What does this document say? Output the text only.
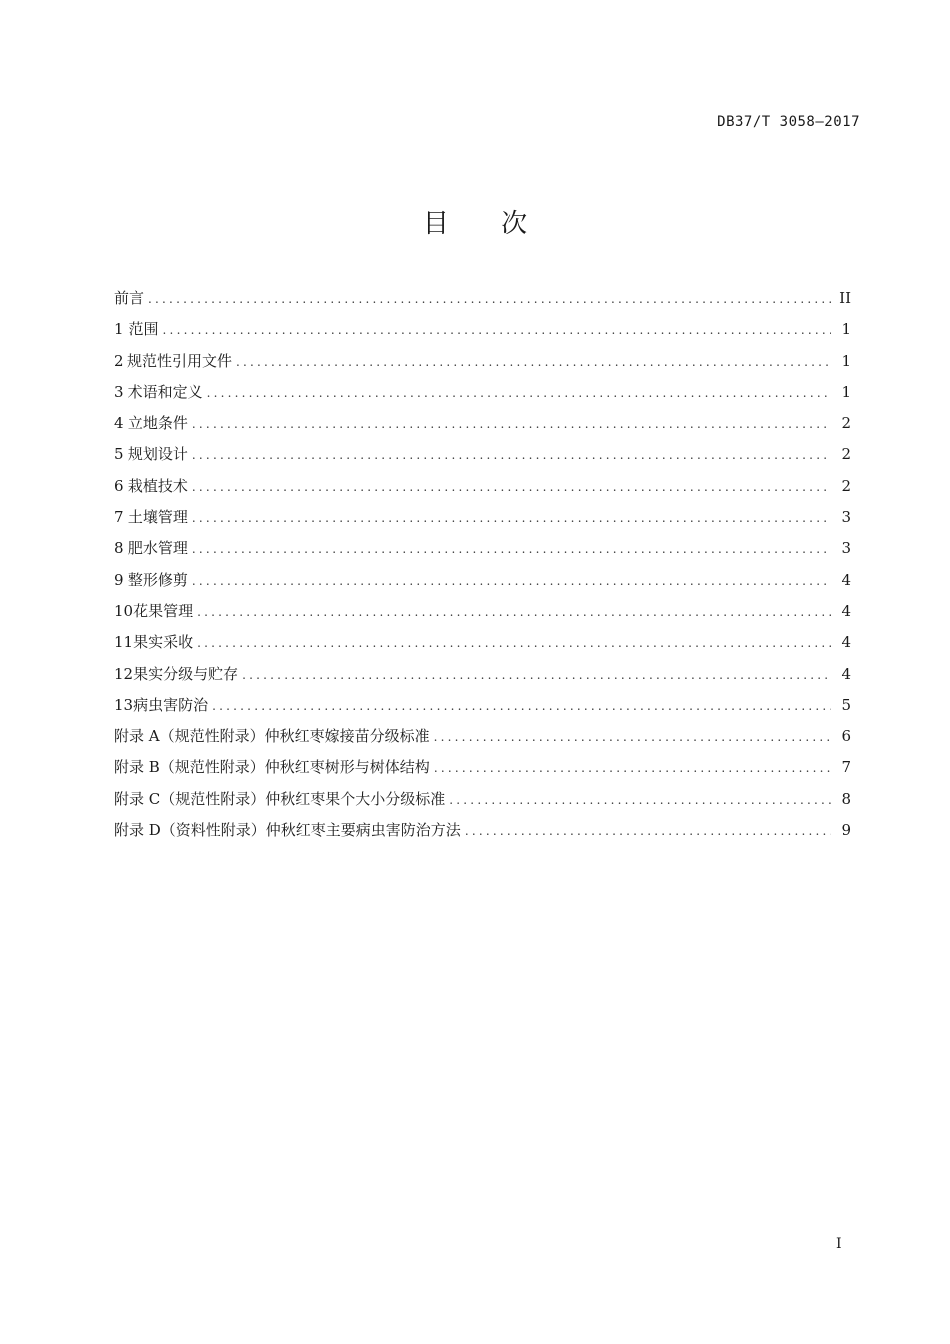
DB37/T 3058—2017
目 次
前言 .....	II
1 范围 .....	1
2 规范性引用文件 .....	1
3 术语和定义 .....	1
4 立地条件 .....	2
5 规划设计 .....	2
6 栽植技术 .....	2
7 土壤管理 .....	3
8 肥水管理 .....	3
9 整形修剪 .....	4
10 花果管理 .....	4
11 果实采收 .....	4
12 果实分级与贮存 .....	4
13 病虫害防治 .....	5
附录 A（规范性附录） 仲秋红枣嫁接苗分级标准 .....	6
附录 B（规范性附录） 仲秋红枣树形与树体结构 .....	7
附录 C（规范性附录） 仲秋红枣果个大小分级标准 .....	8
附录 D（资料性附录） 仲秋红枣主要病虫害防治方法 .....	9
I
